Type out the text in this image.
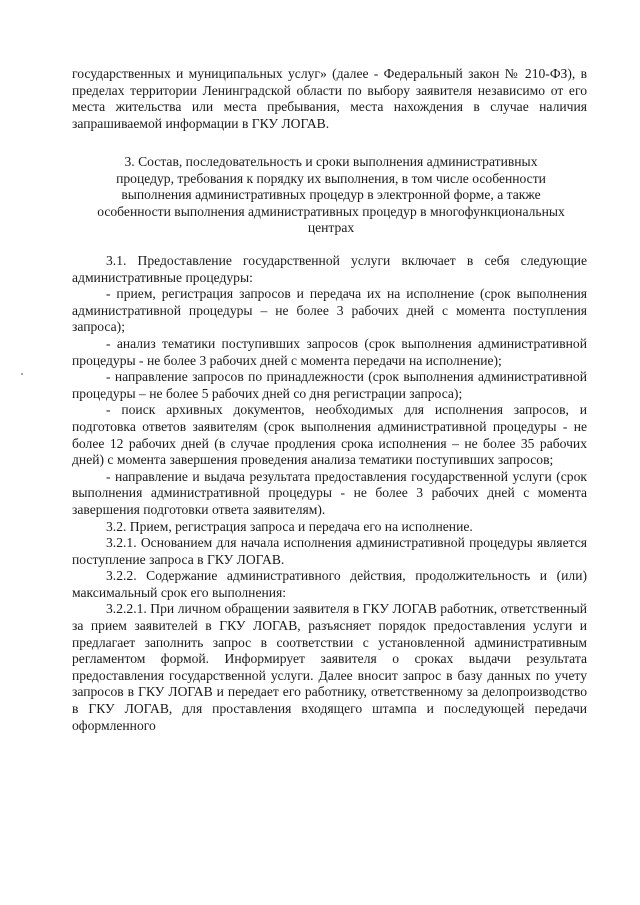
государственных и муниципальных услуг» (далее - Федеральный закон № 210-ФЗ), в пределах территории Ленинградской области по выбору заявителя независимо от его места жительства или места пребывания, места нахождения в случае наличия запрашиваемой информации в ГКУ ЛОГАВ.

3. Состав, последовательность и сроки выполнения административных процедур, требования к порядку их выполнения, в том числе особенности выполнения административных процедур в электронной форме, а также особенности выполнения административных процедур в многофункциональных центрах

3.1. Предоставление государственной услуги включает в себя следующие административные процедуры:

- прием, регистрация запросов и передача их на исполнение (срок выполнения административной процедуры – не более 3 рабочих дней с момента поступления запроса);

- анализ тематики поступивших запросов (срок выполнения административной процедуры - не более 3 рабочих дней с момента передачи на исполнение);

- направление запросов по принадлежности (срок выполнения административной процедуры – не более 5 рабочих дней со дня регистрации запроса);

- поиск архивных документов, необходимых для исполнения запросов, и подготовка ответов заявителям (срок выполнения административной процедуры - не более 12 рабочих дней (в случае продления срока исполнения – не более 35 рабочих дней) с момента завершения проведения анализа тематики поступивших запросов;

- направление и выдача результата предоставления государственной услуги (срок выполнения административной процедуры - не более 3 рабочих дней с момента завершения подготовки ответа заявителям).

3.2. Прием, регистрация запроса и передача его на исполнение.

3.2.1. Основанием для начала исполнения административной процедуры является поступление запроса в ГКУ ЛОГАВ.

3.2.2. Содержание административного действия, продолжительность и (или) максимальный срок его выполнения:

3.2.2.1. При личном обращении заявителя в ГКУ ЛОГАВ работник, ответственный за прием заявителей в ГКУ ЛОГАВ, разъясняет порядок предоставления услуги и предлагает заполнить запрос в соответствии с установленной административным регламентом формой. Информирует заявителя о сроках выдачи результата предоставления государственной услуги. Далее вносит запрос в базу данных по учету запросов в ГКУ ЛОГАВ и передает его работнику, ответственному за делопроизводство в ГКУ ЛОГАВ, для проставления входящего штампа и последующей передачи оформленного
